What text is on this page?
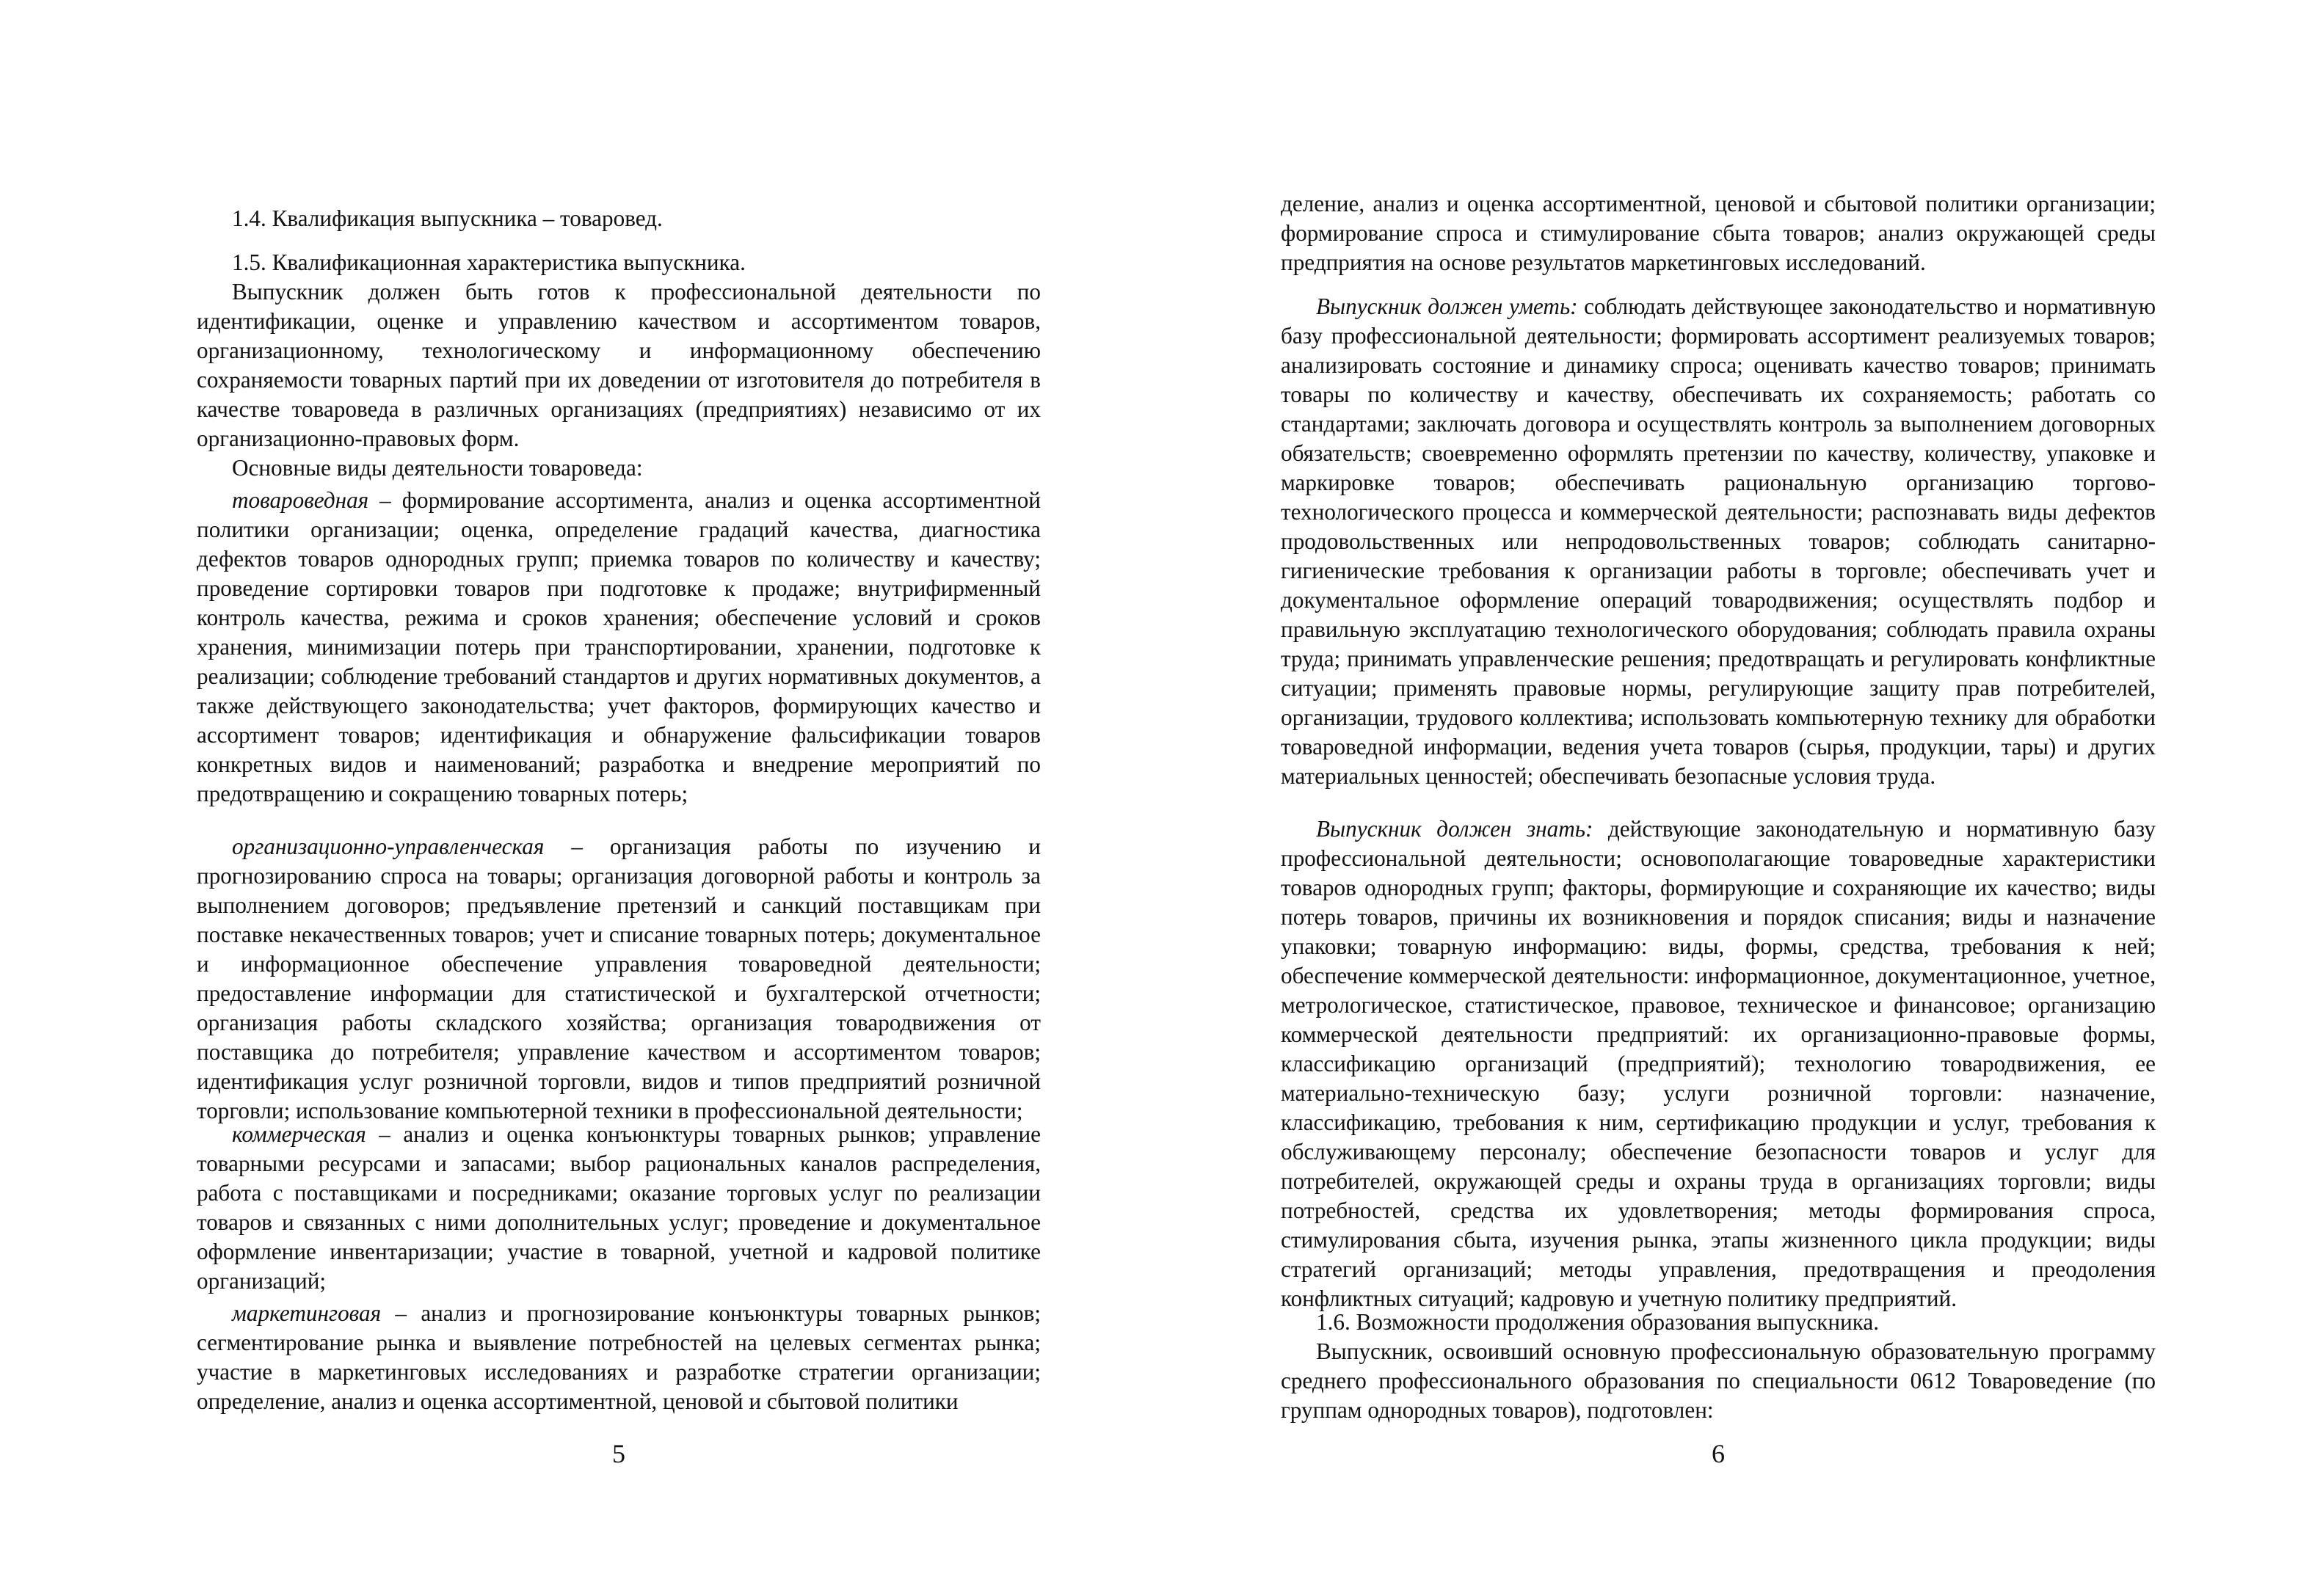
1.4. Квалификация выпускника – товаровед.

1.5. Квалификационная характеристика выпускника.

Выпускник должен быть готов к профессиональной деятельности по идентификации, оценке и управлению качеством и ассортиментом товаров, организационному, технологическому и информационному обеспечению сохраняемости товарных партий при их доведении от изготовителя до потребителя в качестве товароведа в различных организациях (предприятиях) независимо от их организационно-правовых форм.

Основные виды деятельности товароведа:

товароведная – формирование ассортимента, анализ и оценка ассортиментной политики организации; оценка, определение градаций качества, диагностика дефектов товаров однородных групп; приемка товаров по количеству и качеству; проведение сортировки товаров при подготовке к продаже; внутрифирменный контроль качества, режима и сроков хранения; обеспечение условий и сроков хранения, минимизации потерь при транспортировании, хранении, подготовке к реализации; соблюдение требований стандартов и других нормативных документов, а также действующего законодательства; учет факторов, формирующих качество и ассортимент товаров; идентификация и обнаружение фальсификации товаров конкретных видов и наименований; разработка и внедрение мероприятий по предотвращению и сокращению товарных потерь;

организационно-управленческая – организация работы по изучению и прогнозированию спроса на товары; организация договорной работы и контроль за выполнением договоров; предъявление претензий и санкций поставщикам при поставке некачественных товаров; учет и списание товарных потерь; документальное и информационное обеспечение управления товароведной деятельности; предоставление информации для статистической и бухгалтерской отчетности; организация работы складского хозяйства; организация товародвижения от поставщика до потребителя; управление качеством и ассортиментом товаров; идентификация услуг розничной торговли, видов и типов предприятий розничной торговли; использование компьютерной техники в профессиональной деятельности;

коммерческая – анализ и оценка конъюнктуры товарных рынков; управление товарными ресурсами и запасами; выбор рациональных каналов распределения, работа с поставщиками и посредниками; оказание торговых услуг по реализации товаров и связанных с ними дополнительных услуг; проведение и документальное оформление инвентаризации; участие в товарной, учетной и кадровой политике организаций;

маркетинговая – анализ и прогнозирование конъюнктуры товарных рынков; сегментирование рынка и выявление потребностей на целевых сегментах рынка; участие в маркетинговых исследованиях и разработке стратегии организации; определение, анализ и оценка ассортиментной, ценовой и сбытовой политики

5

деление, анализ и оценка ассортиментной, ценовой и сбытовой политики организации; формирование спроса и стимулирование сбыта товаров; анализ окружающей среды предприятия на основе результатов маркетинговых исследований.

Выпускник должен уметь: соблюдать действующее законодательство и нормативную базу профессиональной деятельности; формировать ассортимент реализуемых товаров; анализировать состояние и динамику спроса; оценивать качество товаров; принимать товары по количеству и качеству, обеспечивать их сохраняемость; работать со стандартами; заключать договора и осуществлять контроль за выполнением договорных обязательств; своевременно оформлять претензии по качеству, количеству, упаковке и маркировке товаров; обеспечивать рациональную организацию торгово-технологического процесса и коммерческой деятельности; распознавать виды дефектов продовольственных или непродовольственных товаров; соблюдать санитарно-гигиенические требования к организации работы в торговле; обеспечивать учет и документальное оформление операций товародвижения; осуществлять подбор и правильную эксплуатацию технологического оборудования; соблюдать правила охраны труда; принимать управленческие решения; предотвращать и регулировать конфликтные ситуации; применять правовые нормы, регулирующие защиту прав потребителей, организации, трудового коллектива; использовать компьютерную технику для обработки товароведной информации, ведения учета товаров (сырья, продукции, тары) и других материальных ценностей; обеспечивать безопасные условия труда.

Выпускник должен знать: действующие законодательную и нормативную базу профессиональной деятельности; основополагающие товароведные характеристики товаров однородных групп; факторы, формирующие и сохраняющие их качество; виды потерь товаров, причины их возникновения и порядок списания; виды и назначение упаковки; товарную информацию: виды, формы, средства, требования к ней; обеспечение коммерческой деятельности: информационное, документационное, учетное, метрологическое, статистическое, правовое, техническое и финансовое; организацию коммерческой деятельности предприятий: их организационно-правовые формы, классификацию организаций (предприятий); технологию товародвижения, ее материально-техническую базу; услуги розничной торговли: назначение, классификацию, требования к ним, сертификацию продукции и услуг, требования к обслуживающему персоналу; обеспечение безопасности товаров и услуг для потребителей, окружающей среды и охраны труда в организациях торговли; виды потребностей, средства их удовлетворения; методы формирования спроса, стимулирования сбыта, изучения рынка, этапы жизненного цикла продукции; виды стратегий организаций; методы управления, предотвращения и преодоления конфликтных ситуаций; кадровую и учетную политику предприятий.

1.6. Возможности продолжения образования выпускника.

Выпускник, освоивший основную профессиональную образовательную программу среднего профессионального образования по специальности 0612 Товароведение (по группам однородных товаров), подготовлен:

6
